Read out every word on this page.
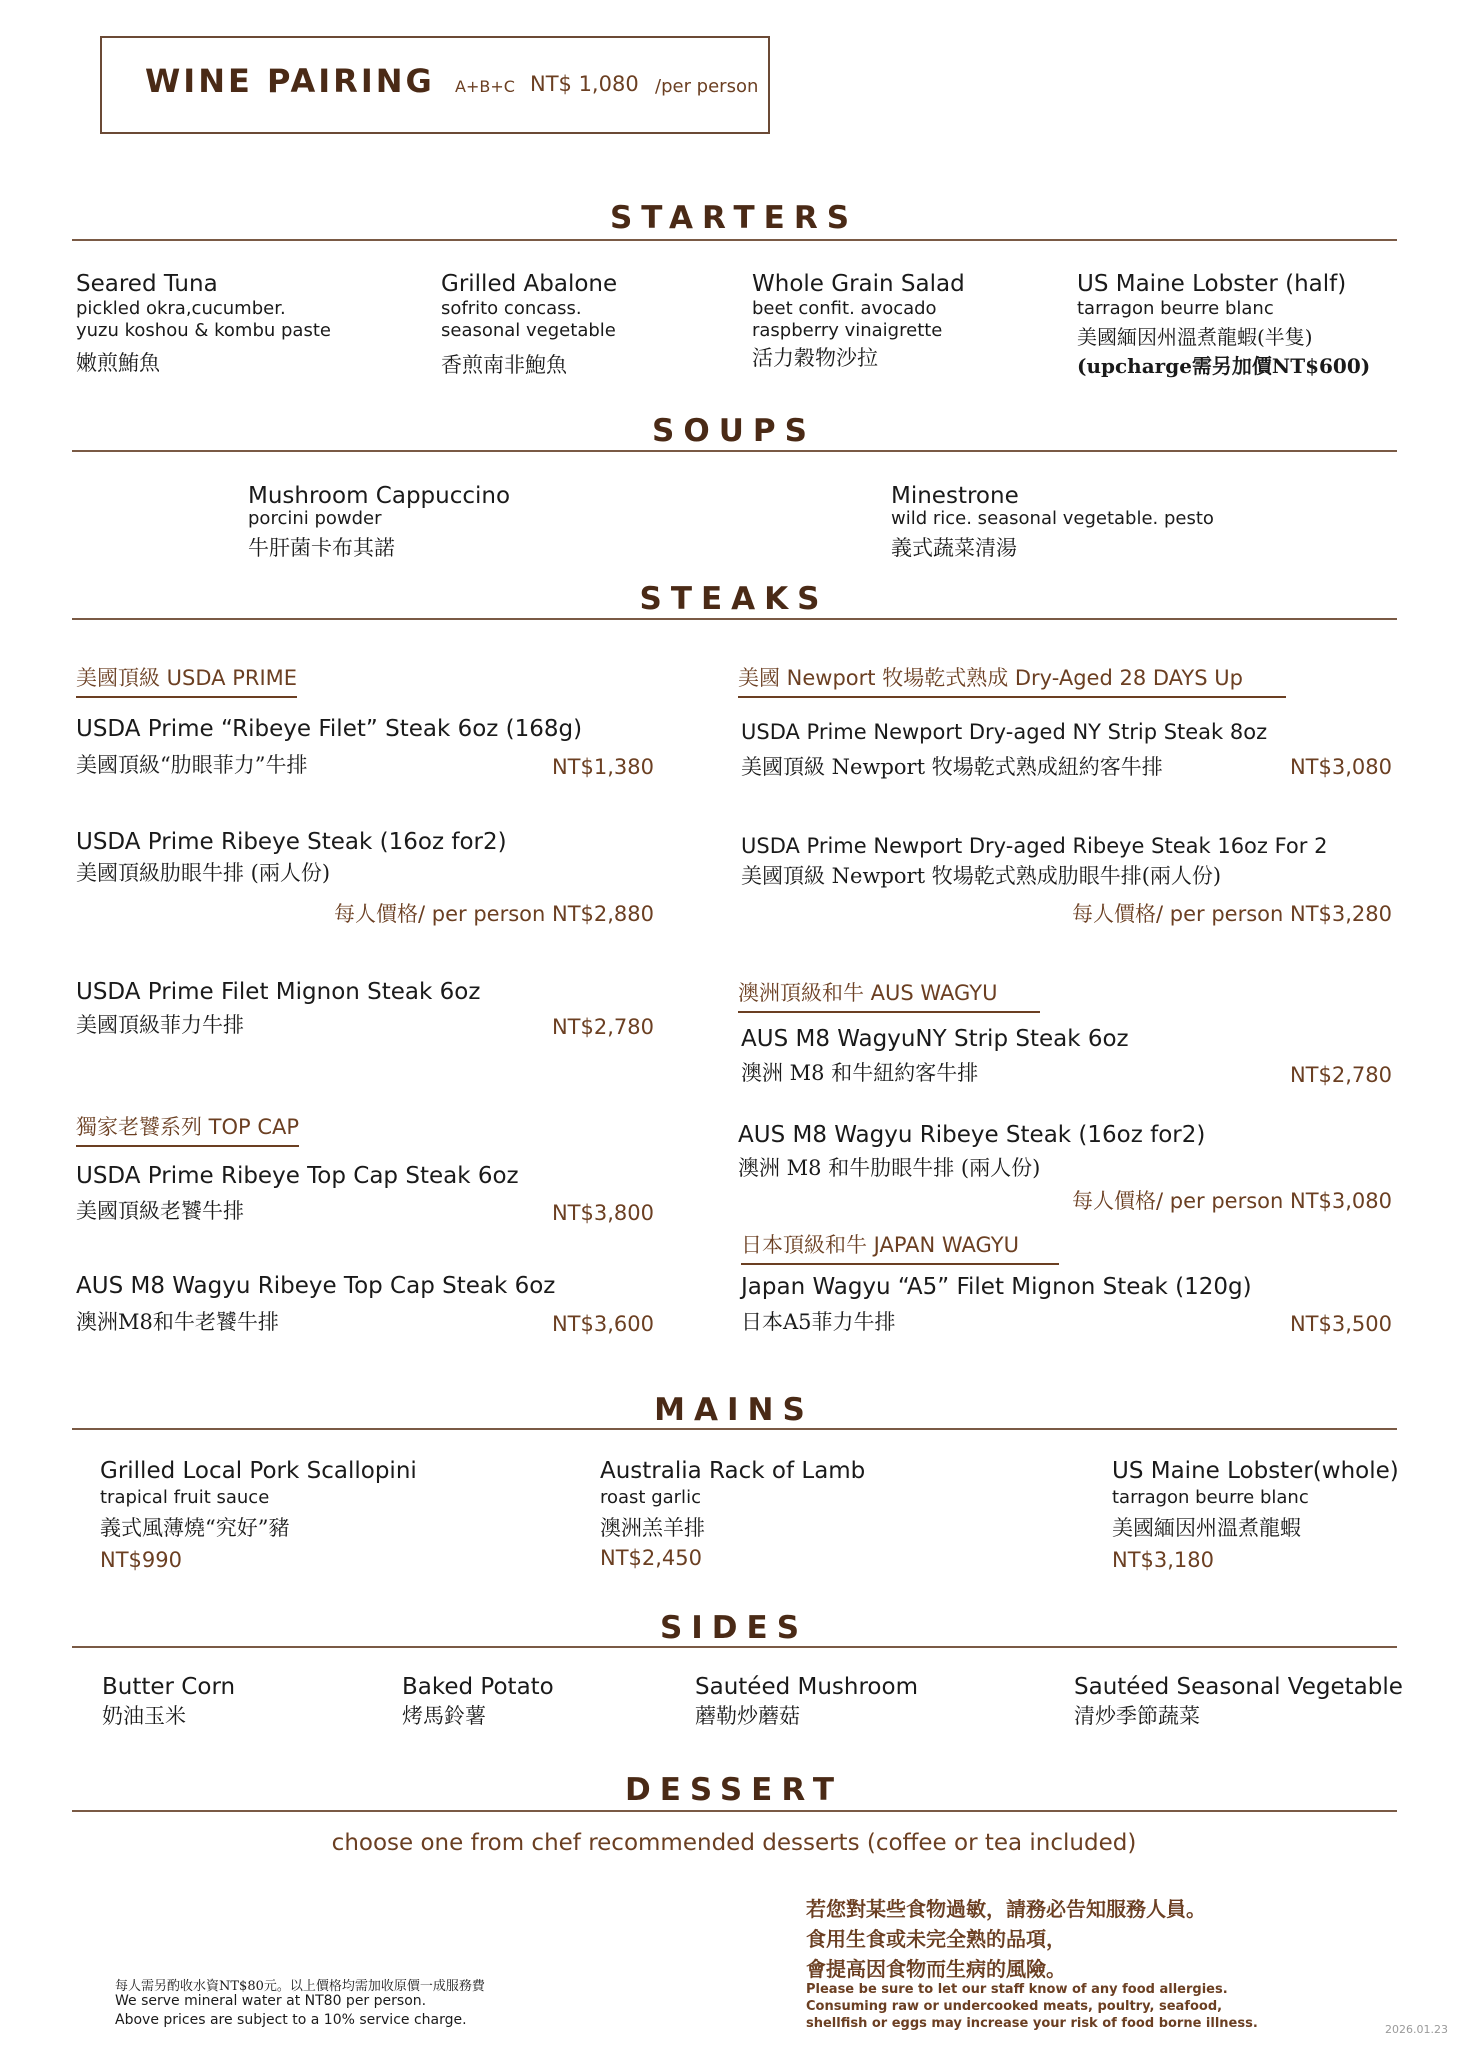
WINE PAIRING A+B+C NT$ 1,080 /per person
STARTERS
Seared Tuna
pickled okra,cucumber.
yuzu koshou & kombu paste
嫩煎鮪魚
Grilled Abalone
sofrito concass.
seasonal vegetable
香煎南非鮑魚
Whole Grain Salad
beet confit. avocado
raspberry vinaigrette
活力穀物沙拉
US Maine Lobster (half)
tarragon beurre blanc
美國緬因州溫煮龍蝦(半隻)
(upcharge需另加價NT$600)
SOUPS
Mushroom Cappuccino
porcini powder
牛肝菌卡布其諾
Minestrone
wild rice. seasonal vegetable. pesto
義式蔬菜清湯
STEAKS
美國頂級 USDA PRIME
USDA Prime “Ribeye Filet” Steak 6oz (168g)
美國頂級“肋眼菲力”牛排	NT$1,380
USDA Prime Ribeye Steak (16oz for2)
美國頂級肋眼牛排 (兩人份)
每人價格/ per person NT$2,880
USDA Prime Filet Mignon Steak 6oz
美國頂級菲力牛排	NT$2,780
獨家老饕系列 TOP CAP
USDA Prime Ribeye Top Cap Steak 6oz
美國頂級老饕牛排	NT$3,800
AUS M8 Wagyu Ribeye Top Cap Steak 6oz
澳洲M8和牛老饕牛排	NT$3,600
美國 Newport 牧場乾式熟成 Dry-Aged 28 DAYS Up
USDA Prime Newport Dry-aged NY Strip Steak 8oz
美國頂級 Newport 牧場乾式熟成紐約客牛排	NT$3,080
USDA Prime Newport Dry-aged Ribeye Steak 16oz For 2
美國頂級 Newport 牧場乾式熟成肋眼牛排(兩人份)
每人價格/ per person NT$3,280
澳洲頂級和牛 AUS WAGYU
AUS M8 WagyuNY Strip Steak 6oz
澳洲 M8 和牛紐約客牛排	NT$2,780
AUS M8 Wagyu Ribeye Steak (16oz for2)
澳洲 M8 和牛肋眼牛排 (兩人份)
每人價格/ per person NT$3,080
日本頂級和牛 JAPAN WAGYU
Japan Wagyu “A5” Filet Mignon Steak (120g)
日本A5菲力牛排	NT$3,500
MAINS
Grilled Local Pork Scallopini
trapical fruit sauce
義式風薄燒“究好”豬
NT$990
Australia Rack of Lamb
roast garlic
澳洲羔羊排
NT$2,450
US Maine Lobster(whole)
tarragon beurre blanc
美國緬因州溫煮龍蝦
NT$3,180
SIDES
Butter Corn
奶油玉米
Baked Potato
烤馬鈴薯
Sautéed Mushroom
蘑勒炒蘑菇
Sautéed Seasonal Vegetable
清炒季節蔬菜
DESSERT
choose one from chef recommended desserts (coffee or tea included)
每人需另酌收水資NT$80元。以上價格均需加收原價一成服務費
We serve mineral water at NT80 per person.
Above prices are subject to a 10% service charge.
若您對某些食物過敏，請務必告知服務人員。
食用生食或未完全熟的品項，
會提高因食物而生病的風險。
Please be sure to let our staff know of any food allergies.
Consuming raw or undercooked meats, poultry, seafood,
shellfish or eggs may increase your risk of food borne illness.	2026.01.23
